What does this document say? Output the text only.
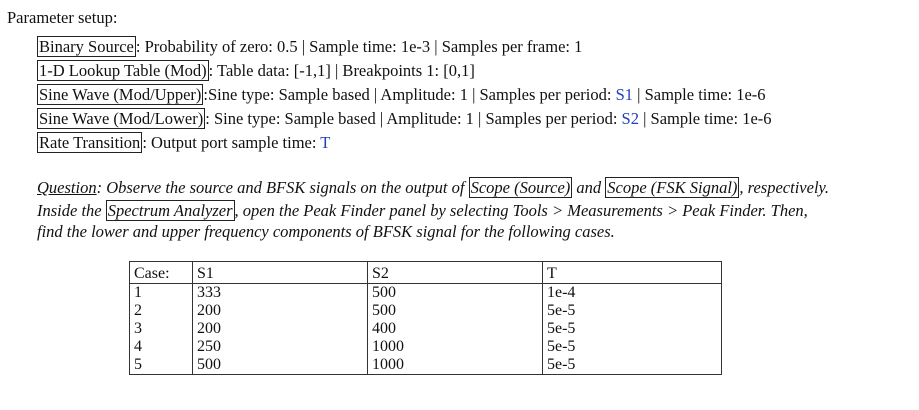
Parameter setup:
Binary Source : Probability of zero: 0.5 | Sample time: 1e-3 | Samples per frame: 1
1-D Lookup Table (Mod) : Table data: [-1,1] | Breakpoints 1: [0,1]
Sine Wave (Mod/Upper) :Sine type: Sample based | Amplitude: 1 | Samples per period: S1 | Sample time: 1e-6
Sine Wave (Mod/Lower) : Sine type: Sample based | Amplitude: 1 | Samples per period: S2 | Sample time: 1e-6
Rate Transition : Output port sample time: T
Question: Observe the source and BFSK signals on the output of Scope (Source) and Scope (FSK Signal) , respectively.
Inside the Spectrum Analyzer , open the Peak Finder panel by selecting Tools > Measurements > Peak Finder. Then,
find the lower and upper frequency components of BFSK signal for the following cases.
Case:	S1	S2	T
1	333	500	1e-4
2	200	500	5e-5
3	200	400	5e-5
4	250	1000	5e-5
5	500	1000	5e-5
